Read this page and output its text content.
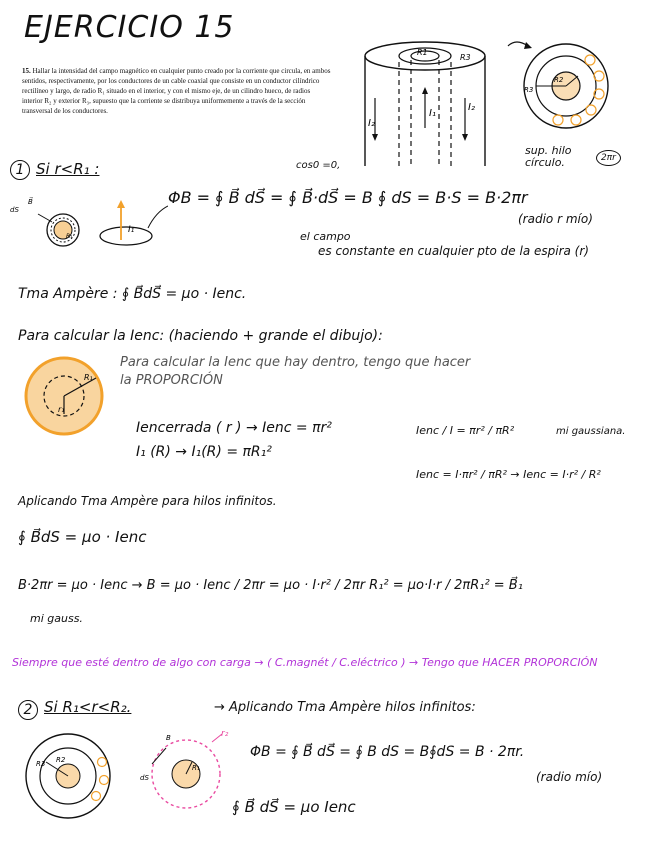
EJERCICIO 15
15. Hallar la intensidad del campo magnético en cualquier punto creado por la corriente que circula, en ambos sentidos, respectivamente, por los conductores de un cable coaxial que consiste en un conductor cilíndrico rectilíneo y largo, de radio R₁ situado en el interior, y con el mismo eje, de un cilindro hueco, de radios interior R₂ y exterior R₃, supuesto que la corriente se distribuya uniformemente a través de la sección transversal de los conductores.
R1
R3
I₂
I₁
I₂
R2
R3
sup. hilo
círculo.	2πr
1 Si r<R₁ :
dS
B⃗
R₁
I₁
cos0 =0,
ΦB = ∮ B⃗ dS⃗ = ∮ B⃗·dS⃗ = B ∮ dS = B·S = B·2πr
(radio r mío)
el campo
es constante en cualquier pto de la espira (r)
Tma Ampère : ∮ B⃗dS⃗ = μo · Ienc.
Para calcular la Ienc: (haciendo + grande el dibujo):
R₁
r₁
Para calcular la Ienc que hay dentro, tengo que hacer la PROPORCIÓN
Iencerrada ( r ) → Ienc = πr²
I₁ (R) → I₁(R) = πR₁²
Ienc / I = πr² / πR²	mi gaussiana.
Ienc = I·πr² / πR² → Ienc = I·r² / R²
Aplicando Tma Ampère para hilos infinitos.
∮ B⃗dS = μo · Ienc
B·2πr = μo · Ienc → B = μo · Ienc / 2πr = μo · I·r² / 2πr R₁² = μo·I·r / 2πR₁² = B⃗₁
mi gauss.
Siempre que esté dentro de algo con carga → ( C.magnét / C.eléctrico ) → Tengo que HACER PROPORCIÓN
2 Si R₁<r<R₂.	→ Aplicando Tma Ampère hilos infinitos:
R3 R2
B
dS
R₁
r₂
ΦB = ∮ B⃗ dS⃗ = ∮ B dS = B∮dS = B · 2πr.
(radio mío)
∮ B⃗ dS⃗ = μo Ienc
